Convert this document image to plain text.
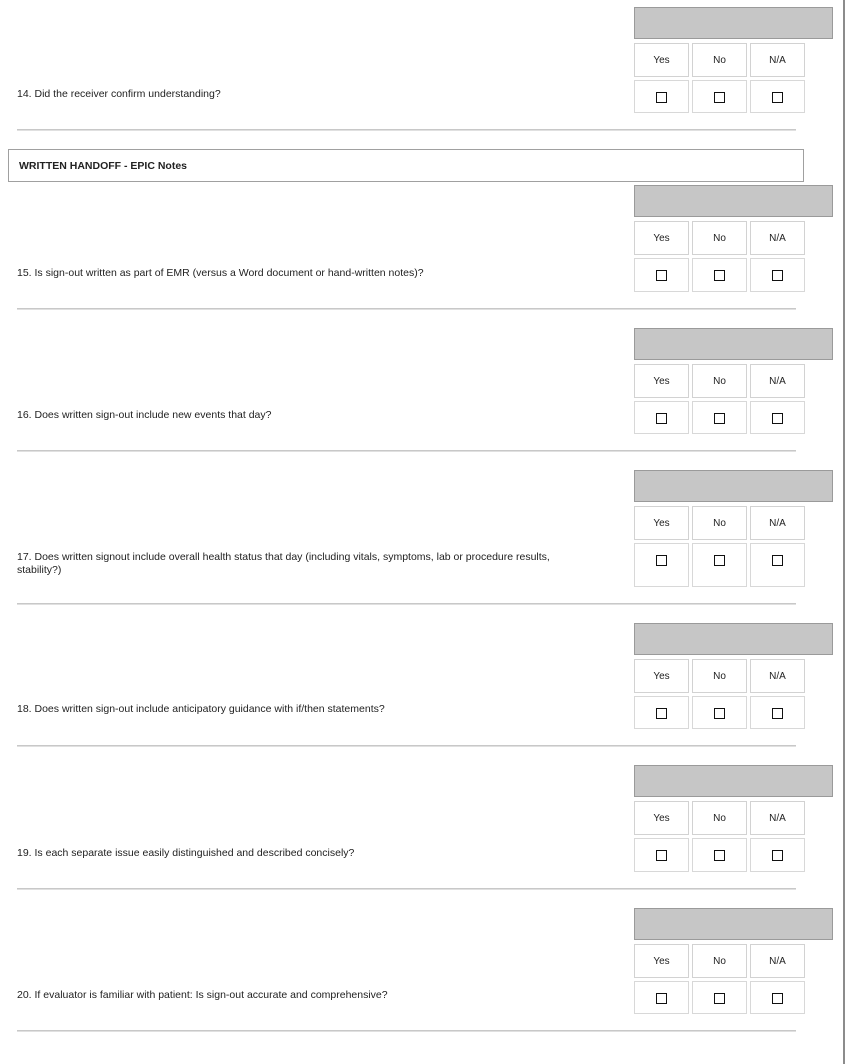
Yes	No	N/A
14. Did the receiver confirm understanding?
WRITTEN HANDOFF - EPIC Notes
Yes	No	N/A
15. Is sign-out written as part of EMR (versus a Word document or hand-written notes)?
Yes	No	N/A
16. Does written sign-out include new events that day?
Yes	No	N/A
17. Does written signout include overall health status that day (including vitals, symptoms, lab or procedure results, stability?)
Yes	No	N/A
18. Does written sign-out include anticipatory guidance with if/then statements?
Yes	No	N/A
19. Is each separate issue easily distinguished and described concisely?
Yes	No	N/A
20. If evaluator is familiar with patient: Is sign-out accurate and comprehensive?
